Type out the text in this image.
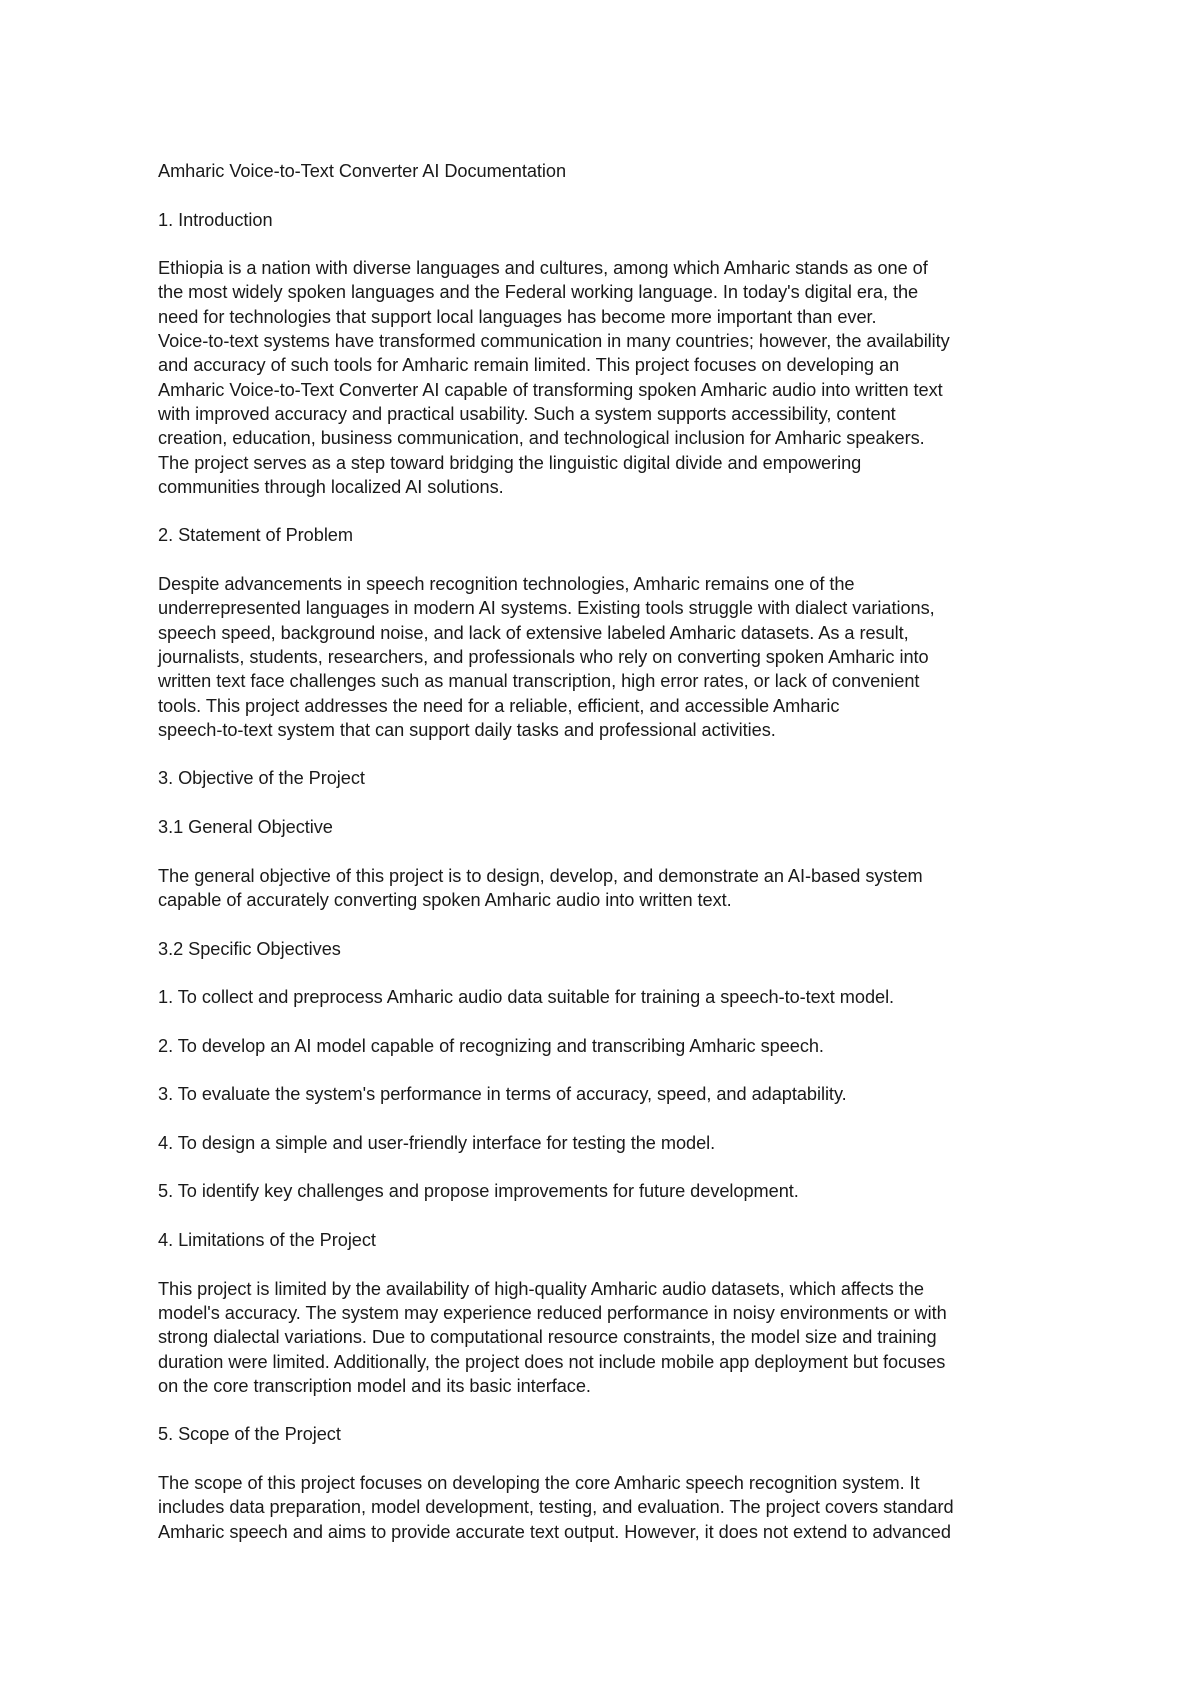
Amharic Voice-to-Text Converter AI Documentation

1. Introduction

Ethiopia is a nation with diverse languages and cultures, among which Amharic stands as one of
the most widely spoken languages and the Federal working language. In today's digital era, the
need for technologies that support local languages has become more important than ever.
Voice-to-text systems have transformed communication in many countries; however, the availability
and accuracy of such tools for Amharic remain limited. This project focuses on developing an
Amharic Voice-to-Text Converter AI capable of transforming spoken Amharic audio into written text
with improved accuracy and practical usability. Such a system supports accessibility, content
creation, education, business communication, and technological inclusion for Amharic speakers.
The project serves as a step toward bridging the linguistic digital divide and empowering
communities through localized AI solutions.

2. Statement of Problem

Despite advancements in speech recognition technologies, Amharic remains one of the
underrepresented languages in modern AI systems. Existing tools struggle with dialect variations,
speech speed, background noise, and lack of extensive labeled Amharic datasets. As a result,
journalists, students, researchers, and professionals who rely on converting spoken Amharic into
written text face challenges such as manual transcription, high error rates, or lack of convenient
tools. This project addresses the need for a reliable, efficient, and accessible Amharic
speech-to-text system that can support daily tasks and professional activities.

3. Objective of the Project

3.1 General Objective

The general objective of this project is to design, develop, and demonstrate an AI-based system
capable of accurately converting spoken Amharic audio into written text.

3.2 Specific Objectives

1. To collect and preprocess Amharic audio data suitable for training a speech-to-text model.

2. To develop an AI model capable of recognizing and transcribing Amharic speech.

3. To evaluate the system's performance in terms of accuracy, speed, and adaptability.

4. To design a simple and user-friendly interface for testing the model.

5. To identify key challenges and propose improvements for future development.

4. Limitations of the Project

This project is limited by the availability of high-quality Amharic audio datasets, which affects the
model's accuracy. The system may experience reduced performance in noisy environments or with
strong dialectal variations. Due to computational resource constraints, the model size and training
duration were limited. Additionally, the project does not include mobile app deployment but focuses
on the core transcription model and its basic interface.

5. Scope of the Project

The scope of this project focuses on developing the core Amharic speech recognition system. It
includes data preparation, model development, testing, and evaluation. The project covers standard
Amharic speech and aims to provide accurate text output. However, it does not extend to advanced
